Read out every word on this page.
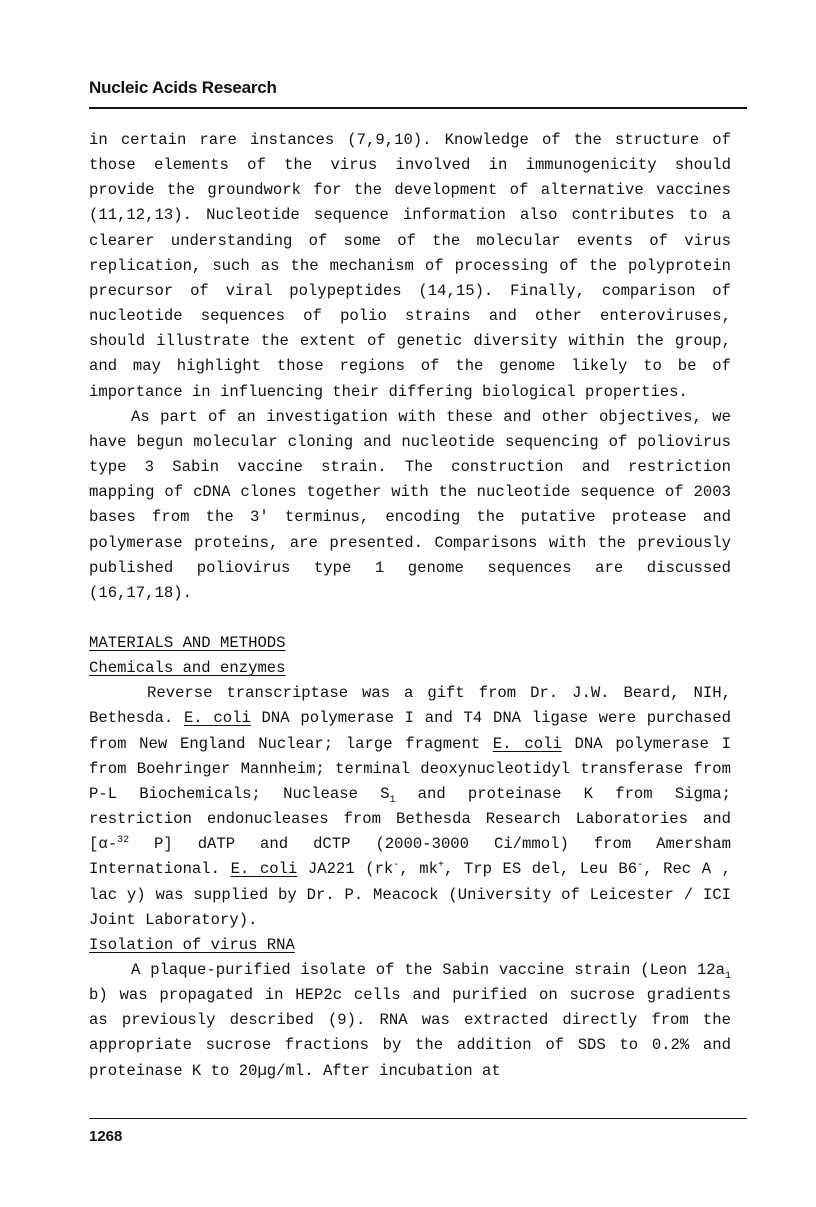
Nucleic Acids Research

in certain rare instances (7,9,10). Knowledge of the structure of those elements of the virus involved in immunogenicity should provide the groundwork for the development of alternative vaccines (11,12,13). Nucleotide sequence information also contributes to a clearer understanding of some of the molecular events of virus replication, such as the mechanism of processing of the polyprotein precursor of viral polypeptides (14,15). Finally, comparison of nucleotide sequences of polio strains and other enteroviruses, should illustrate the extent of genetic diversity within the group, and may highlight those regions of the genome likely to be of importance in influencing their differing biological properties.

As part of an investigation with these and other objectives, we have begun molecular cloning and nucleotide sequencing of poliovirus type 3 Sabin vaccine strain. The construction and restriction mapping of cDNA clones together with the nucleotide sequence of 2003 bases from the 3' terminus, encoding the putative protease and polymerase proteins, are presented. Comparisons with the previously published poliovirus type 1 genome sequences are discussed (16,17,18).

MATERIALS AND METHODS

Chemicals and enzymes

Reverse transcriptase was a gift from Dr. J.W. Beard, NIH, Bethesda. E. coli DNA polymerase I and T4 DNA ligase were purchased from New England Nuclear; large fragment E. coli DNA polymerase I from Boehringer Mannheim; terminal deoxynucleotidyl transferase from P-L Biochemicals; Nuclease $S_1$ and proteinase K from Sigma; restriction endonucleases from Bethesda Research Laboratories and [α-$^{32}$ P] dATP and dCTP (2000-3000 Ci/mmol) from Amersham International. E. coli JA221 (rk-, mk+, Trp ES del, Leu B6-, Rec A , lac y) was supplied by Dr. P. Meacock (University of Leicester / ICI Joint Laboratory).

Isolation of virus RNA

A plaque-purified isolate of the Sabin vaccine strain (Leon $12a_1$ b) was propagated in HEP2c cells and purified on sucrose gradients as previously described (9). RNA was extracted directly from the appropriate sucrose fractions by the addition of SDS to 0.2% and proteinase K to 20µg/ml. After incubation at

1268
